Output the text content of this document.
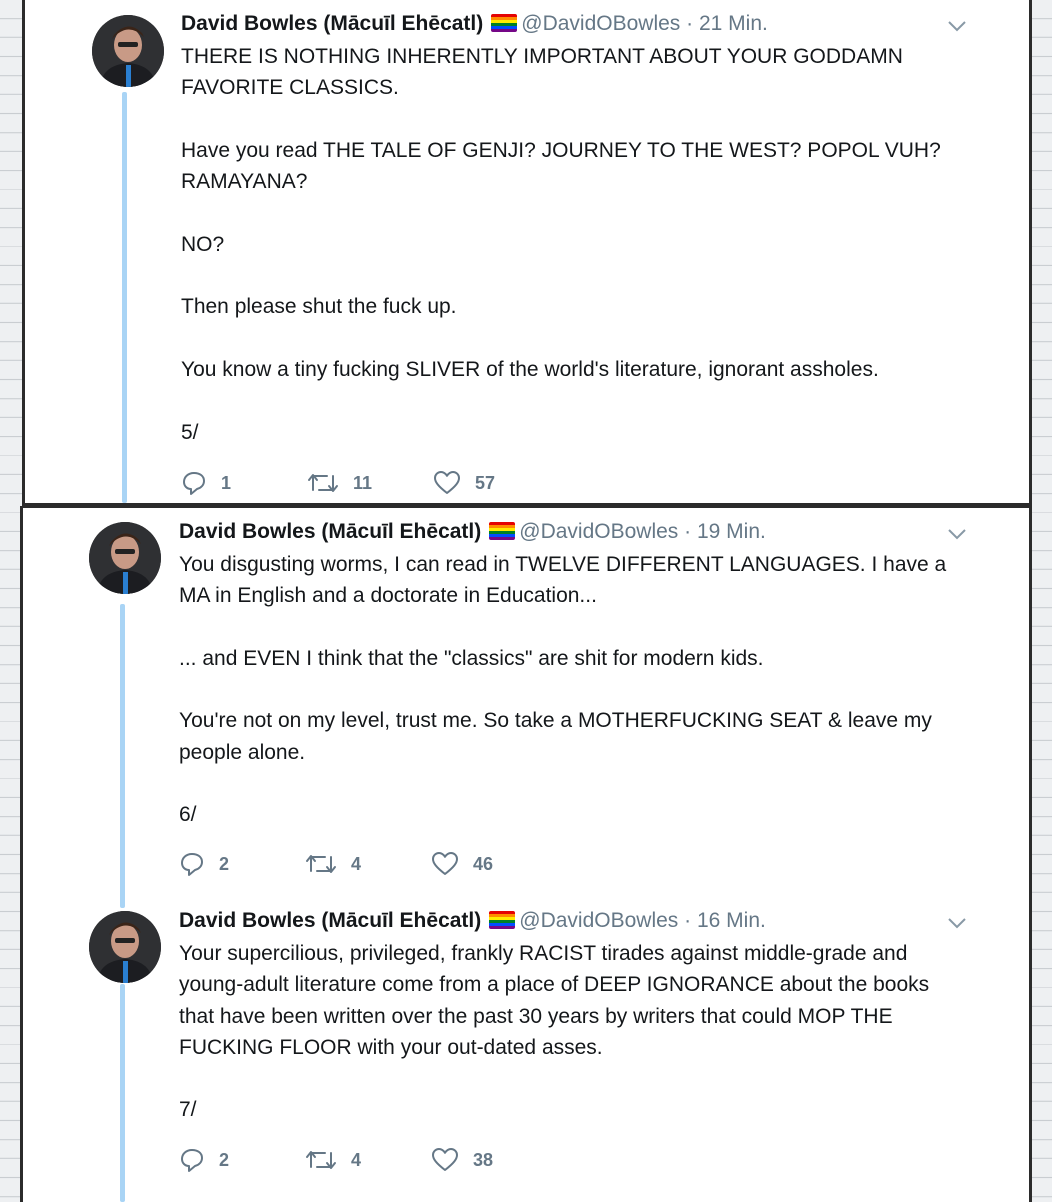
David Bowles (Mācuīl Ehēcatl) @DavidOBowles · 21 Min.

THERE IS NOTHING INHERENTLY IMPORTANT ABOUT YOUR GODDAMN FAVORITE CLASSICS.

Have you read THE TALE OF GENJI? JOURNEY TO THE WEST? POPOL VUH? RAMAYANA?

NO?

Then please shut the fuck up.

You know a tiny fucking SLIVER of the world's literature, ignorant assholes.

5/

1	11	57
David Bowles (Mācuīl Ehēcatl) @DavidOBowles · 19 Min.

You disgusting worms, I can read in TWELVE DIFFERENT LANGUAGES. I have a MA in English and a doctorate in Education...

... and EVEN I think that the "classics" are shit for modern kids.

You're not on my level, trust me. So take a MOTHERFUCKING SEAT & leave my people alone.

6/

2	4	46
David Bowles (Mācuīl Ehēcatl) @DavidOBowles · 16 Min.

Your supercilious, privileged, frankly RACIST tirades against middle-grade and young-adult literature come from a place of DEEP IGNORANCE about the books that have been written over the past 30 years by writers that could MOP THE FUCKING FLOOR with your out-dated asses.

7/

2	4	38
